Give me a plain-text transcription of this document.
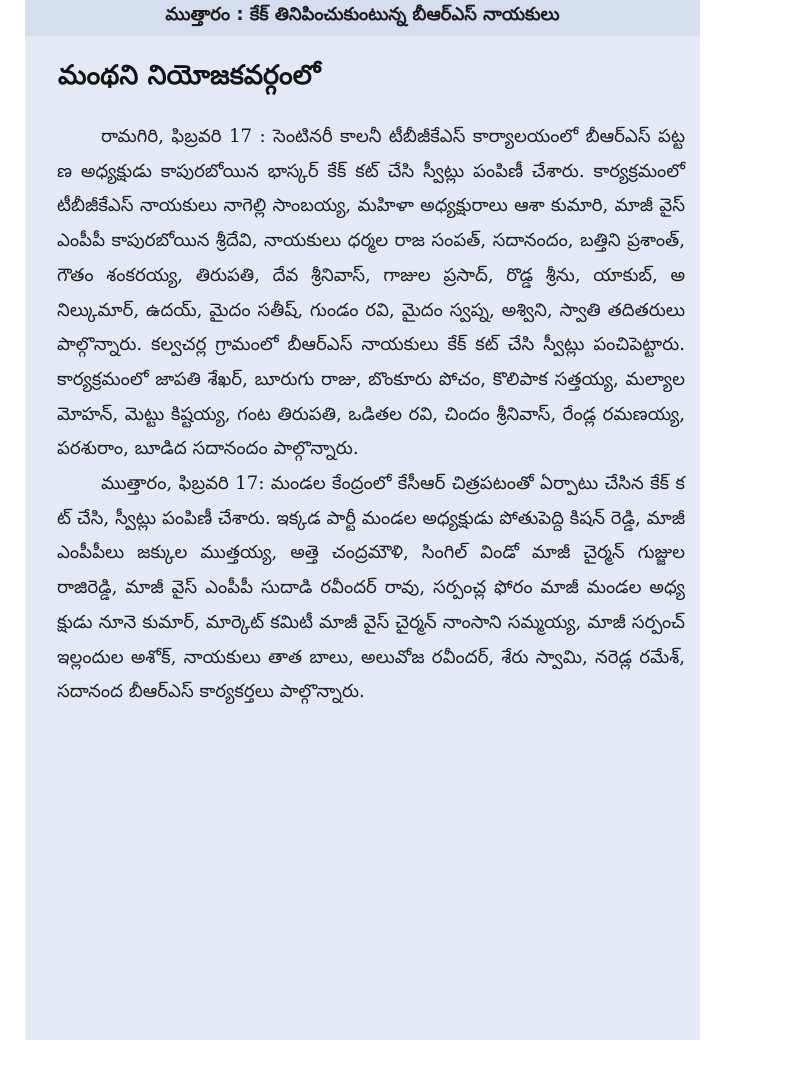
ముత్తారం : కేక్ తినిపించుకుంటున్న బీఆర్ఎస్ నాయకులు
మంథని నియోజకవర్గంలో

రామగిరి, ఫిబ్రవరి 17 : సెంటినరీ కాలనీ టీబీజీకేఎస్ కార్యాలయంలో బీఆర్ఎస్ పట్టణ అధ్యక్షుడు కాపురబోయిన భాస్కర్ కేక్ కట్ చేసి స్వీట్లు పంపిణీ చేశారు. కార్యక్రమంలో టీబీజీకేఎస్ నాయకులు నాగెల్లి సాంబయ్య, మహిళా అధ్యక్షురాలు ఆశా కుమారి, మాజీ వైస్ ఎంపీపీ కాపురబోయిన శ్రీదేవి, నాయకులు ధర్మల రాజ సంపత్, సదానందం, బత్తిని ప్రశాంత్, గౌతం శంకరయ్య, తిరుపతి, దేవ శ్రీనివాస్, గాజుల ప్రసాద్, రొడ్డ శ్రీను, యాకుబ్, అనిల్కుమార్, ఉదయ్, మైదం సతీష్, గుండం రవి, మైదం స్వప్న, అశ్విని, స్వాతి తదితరులు పాల్గొన్నారు. కల్వచర్ల గ్రామంలో బీఆర్ఎస్ నాయకులు కేక్ కట్ చేసి స్వీట్లు పంచిపెట్టారు. కార్యక్రమంలో జాపతి శేఖర్, బూరుగు రాజు, బొంకూరు పోచం, కొలిపాక సత్తయ్య, మల్యాల మోహన్, మెట్టు కిష్టయ్య, గంట తిరుపతి, ఒడితల రవి, చిందం శ్రీనివాస్, రేండ్ల రమణయ్య, పరశురాం, బూడిద సదానందం పాల్గొన్నారు.

ముత్తారం, ఫిబ్రవరి 17: మండల కేంద్రంలో కేసీఆర్ చిత్రపటంతో ఏర్పాటు చేసిన కేక్ కట్ చేసి, స్వీట్లు పంపిణీ చేశారు. ఇక్కడ పార్టీ మండల అధ్యక్షుడు పోతుపెద్ది కిషన్ రెడ్డి, మాజీ ఎంపీపీలు జక్కుల ముత్తయ్య, అత్తె చంద్రమౌళి, సింగిల్ విండో మాజీ చైర్మన్ గుజ్జుల రాజిరెడ్డి, మాజీ వైస్ ఎంపీపీ సుదాడి రవీందర్ రావు, సర్పంచ్ల ఫోరం మాజీ మండల అధ్యక్షుడు నూనె కుమార్, మార్కెట్ కమిటీ మాజీ వైస్ చైర్మన్ నాంసాని సమ్మయ్య, మాజీ సర్పంచ్ ఇల్లందుల అశోక్, నాయకులు తాత బాలు, అలువోజ రవీందర్, శేరు స్వామి, నరెడ్ల రమేశ్, సదానంద బీఆర్ఎస్ కార్యకర్తలు పాల్గొన్నారు.
